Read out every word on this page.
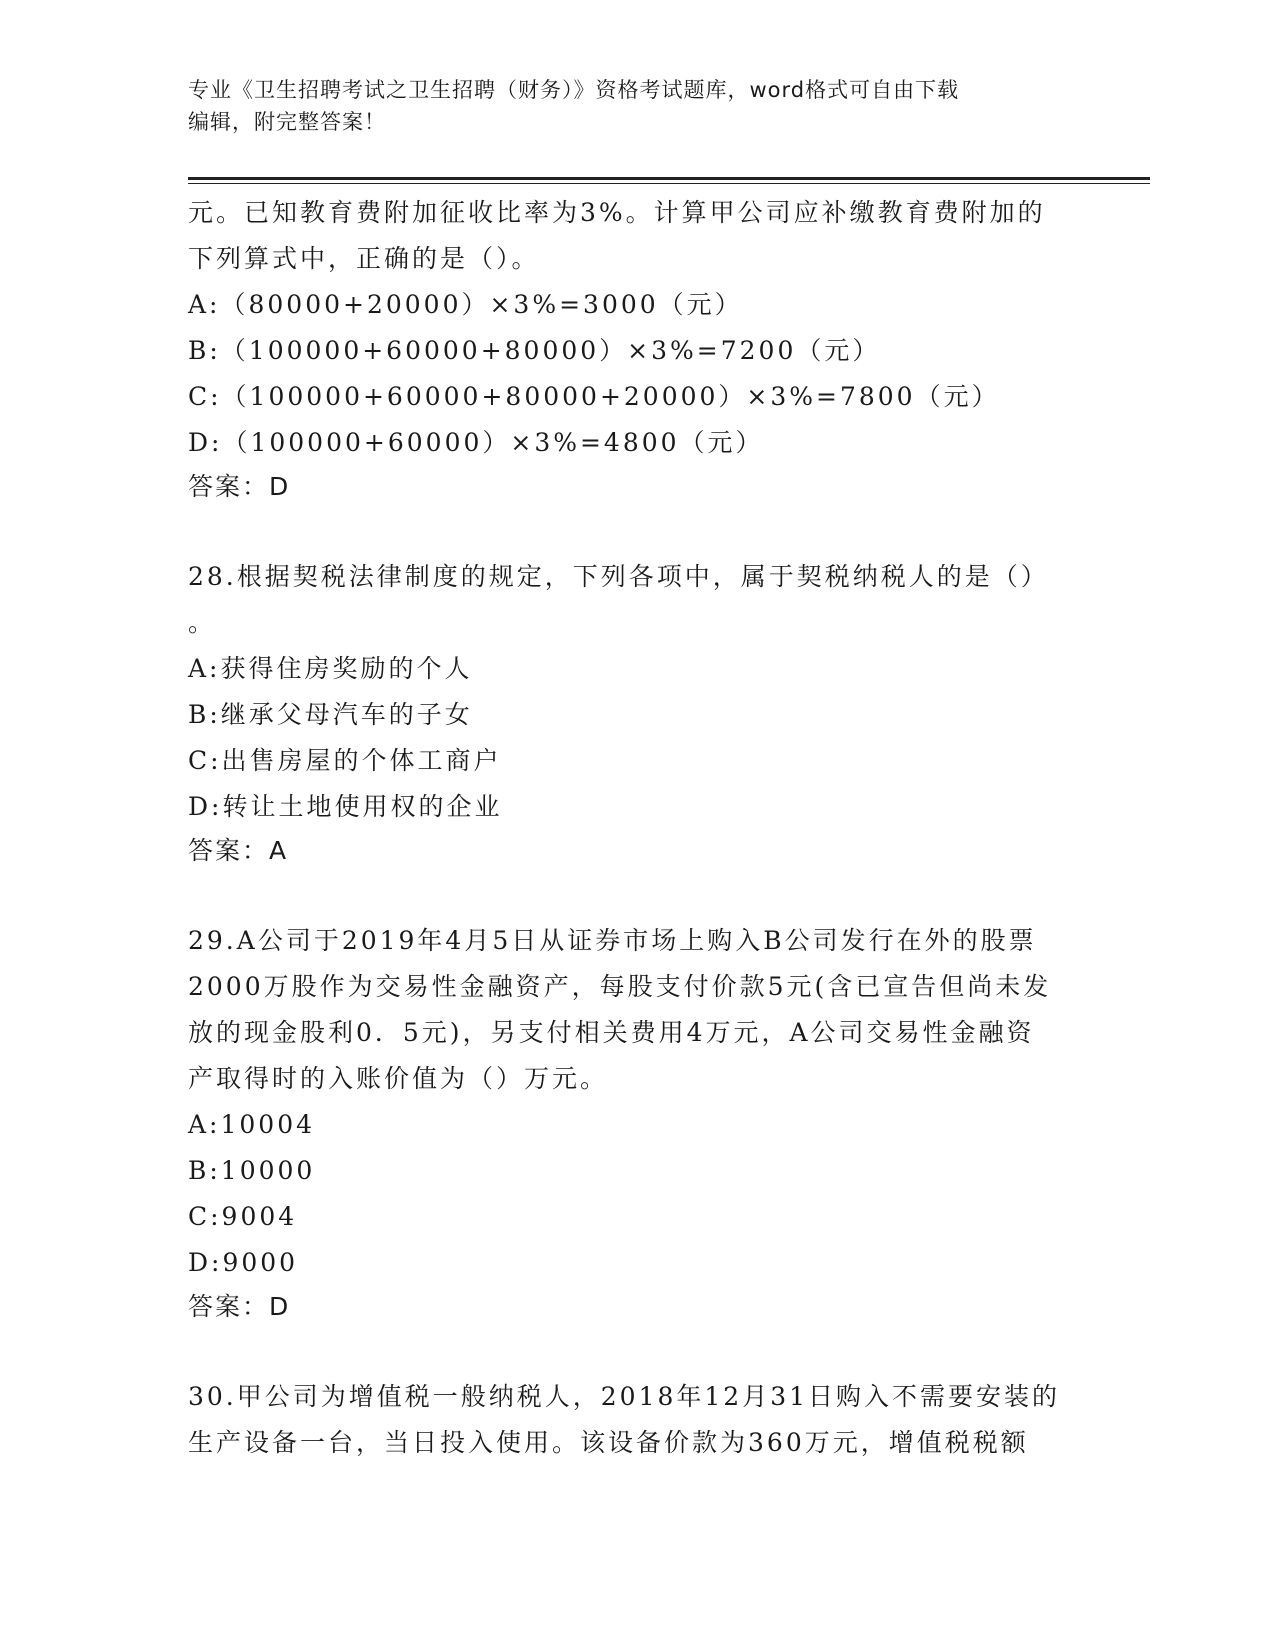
专业《卫生招聘考试之卫生招聘（财务）》资格考试题库，word格式可自由下载
编辑，附完整答案！
元。已知教育费附加征收比率为3%。计算甲公司应补缴教育费附加的
下列算式中，正确的是（）。
A:（80000+20000）×3%=3000（元）
B:（100000+60000+80000）×3%=7200（元）
C:（100000+60000+80000+20000）×3%=7800（元）
D:（100000+60000）×3%=4800（元）
答案：D
28.根据契税法律制度的规定，下列各项中，属于契税纳税人的是（）
。
A:获得住房奖励的个人
B:继承父母汽车的子女
C:出售房屋的个体工商户
D:转让土地使用权的企业
答案：A
29.A公司于2019年4月5日从证券市场上购入B公司发行在外的股票
2000万股作为交易性金融资产，每股支付价款5元(含已宣告但尚未发
放的现金股利0．5元)，另支付相关费用4万元，A公司交易性金融资
产取得时的入账价值为（）万元。
A:10004
B:10000
C:9004
D:9000
答案：D
30.甲公司为增值税一般纳税人，2018年12月31日购入不需要安装的
生产设备一台，当日投入使用。该设备价款为360万元，增值税税额
